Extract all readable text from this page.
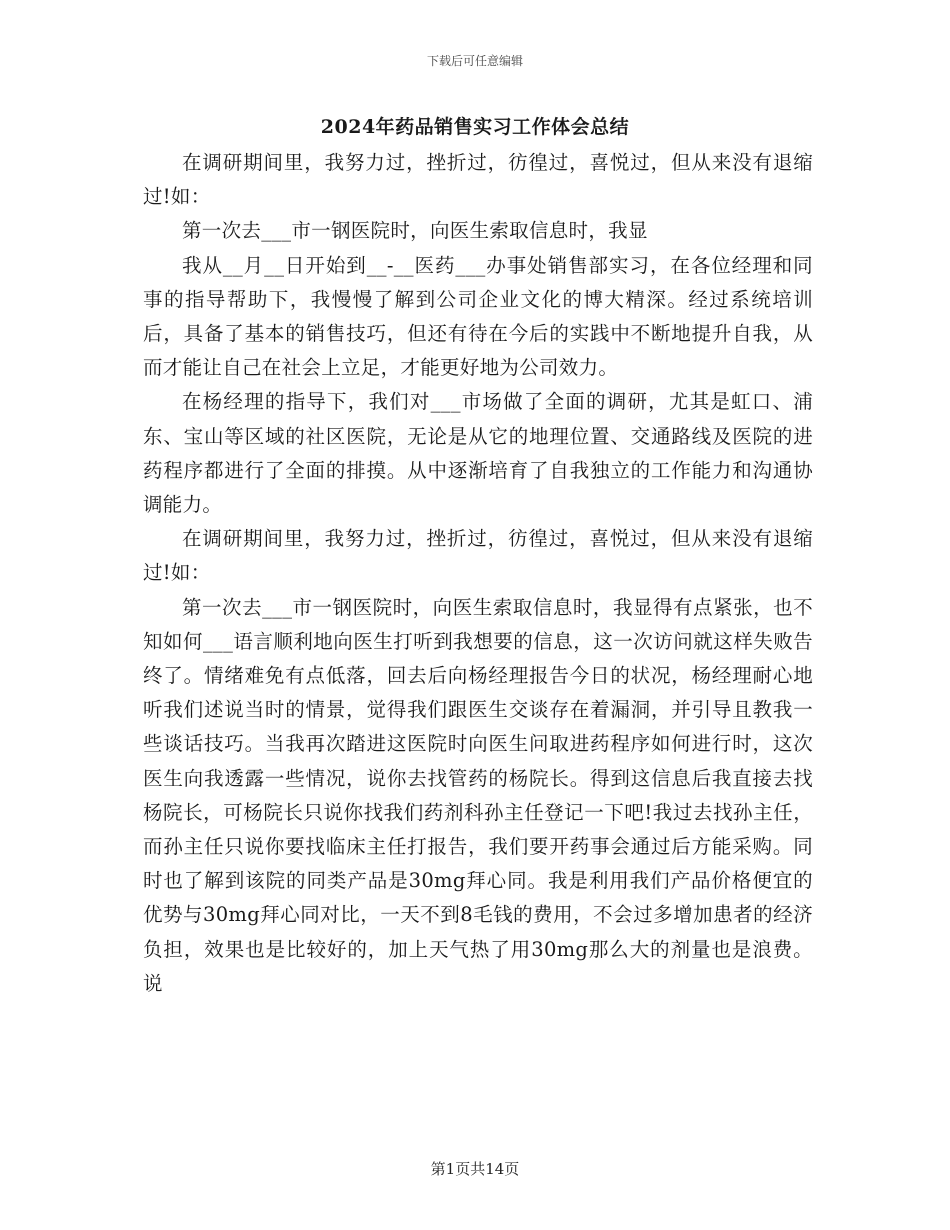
下载后可任意编辑
2024年药品销售实习工作体会总结

在调研期间里，我努力过，挫折过，彷徨过，喜悦过，但从来没有退缩过!如：

第一次去___市一钢医院时，向医生索取信息时，我显

我从__月__日开始到__-__医药___办事处销售部实习，在各位经理和同事的指导帮助下，我慢慢了解到公司企业文化的博大精深。经过系统培训后，具备了基本的销售技巧，但还有待在今后的实践中不断地提升自我，从而才能让自己在社会上立足，才能更好地为公司效力。

在杨经理的指导下，我们对___市场做了全面的调研，尤其是虹口、浦东、宝山等区域的社区医院，无论是从它的地理位置、交通路线及医院的进药程序都进行了全面的排摸。从中逐渐培育了自我独立的工作能力和沟通协调能力。

在调研期间里，我努力过，挫折过，彷徨过，喜悦过，但从来没有退缩过!如：

第一次去___市一钢医院时，向医生索取信息时，我显得有点紧张，也不知如何___语言顺利地向医生打听到我想要的信息，这一次访问就这样失败告终了。情绪难免有点低落，回去后向杨经理报告今日的状况，杨经理耐心地听我们述说当时的情景，觉得我们跟医生交谈存在着漏洞，并引导且教我一些谈话技巧。当我再次踏进这医院时向医生问取进药程序如何进行时，这次医生向我透露一些情况，说你去找管药的杨院长。得到这信息后我直接去找杨院长，可杨院长只说你找我们药剂科孙主任登记一下吧!我过去找孙主任，而孙主任只说你要找临床主任打报告，我们要开药事会通过后方能采购。同时也了解到该院的同类产品是30mg拜心同。我是利用我们产品价格便宜的优势与30mg拜心同对比，一天不到8毛钱的费用，不会过多增加患者的经济负担，效果也是比较好的，加上天气热了用30mg那么大的剂量也是浪费。说

第1页共14页
